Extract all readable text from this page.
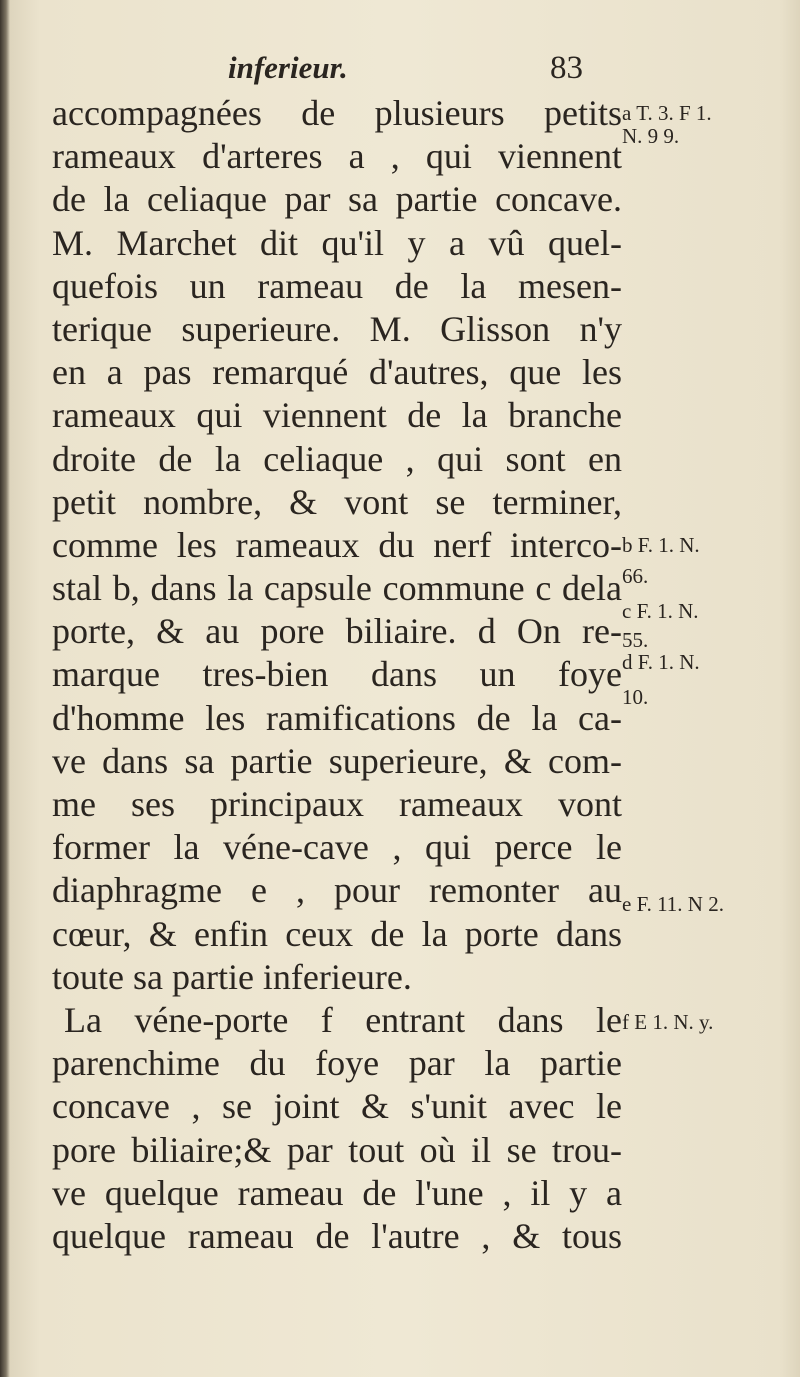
inferieur.	83
accompagnées de plusieurs petits
rameaux d'arteres a , qui viennent
de la celiaque par sa partie concave.
M. Marchet dit qu'il y a vû quel-
quefois un rameau de la mesen-
terique superieure. M. Glisson n'y
en a pas remarqué d'autres, que les
rameaux qui viennent de la branche
droite de la celiaque , qui sont en
petit nombre, & vont se terminer,
comme les rameaux du nerf interco-
stal b, dans la capsule commune c dela
porte, & au pore biliaire. d On re-
marque tres-bien dans un foye
d'homme les ramifications de la ca-
ve dans sa partie superieure, & com-
me ses principaux rameaux vont
former la véne-cave , qui perce le
diaphragme e , pour remonter au
cœur, & enfin ceux de la porte dans
toute sa partie inferieure.
La véne-porte f entrant dans le
parenchime du foye par la partie
concave , se joint & s'unit avec le
pore biliaire;& par tout où il se trou-
ve quelque rameau de l'une , il y a
quelque rameau de l'autre , & tous
a T. 3. F 1.
N. 9 9.
b F. 1. N.
66.
c F. 1. N.
55.
d F. 1. N.
10.
e F. 11. N 2.
f E 1. N. y.
